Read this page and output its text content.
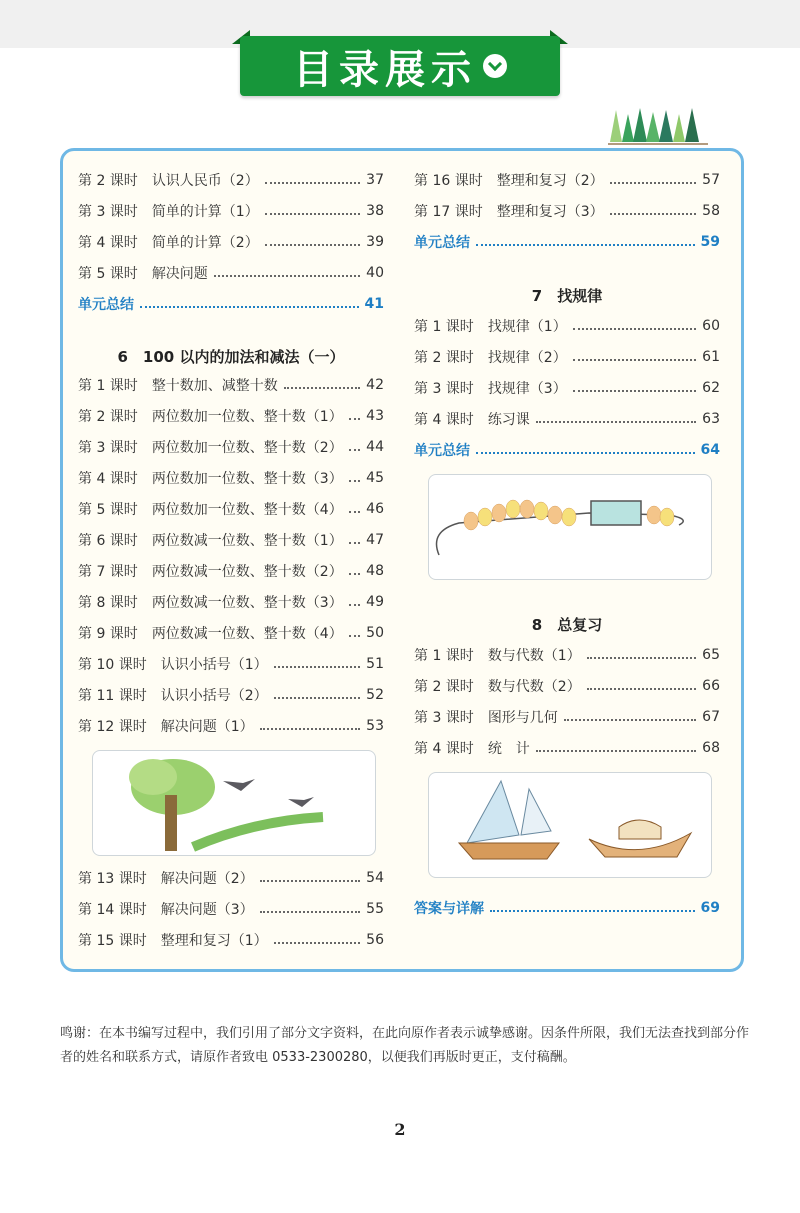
目录展示
第 2 课时 认识人民币（2）	37
第 3 课时 简单的计算（1）	38
第 4 课时 简单的计算（2）	39
第 5 课时 解决问题	40
单元总结	41
第 1 课时 整十数加、减整十数	42
第 2 课时 两位数加一位数、整十数（1） 43
第 3 课时 两位数加一位数、整十数（2） 44
第 4 课时 两位数加一位数、整十数（3） 45
第 5 课时 两位数加一位数、整十数（4） 46
第 6 课时 两位数减一位数、整十数（1） 47
第 7 课时 两位数减一位数、整十数（2） 48
第 8 课时 两位数减一位数、整十数（3） 49
第 9 课时 两位数减一位数、整十数（4） 50
第 10 课时 认识小括号（1）	51
第 11 课时 认识小括号（2）	52
第 12 课时 解决问题（1）	53
第 13 课时 解决问题（2）	54
第 14 课时 解决问题（3）	55
第 15 课时 整理和复习（1）	56
第 16 课时 整理和复习（2）	57
第 17 课时 整理和复习（3）	58
单元总结	59
第 1 课时 找规律（1）	60
第 2 课时 找规律（2）	61
第 3 课时 找规律（3）	62
第 4 课时 练习课	63
单元总结	64
第 1 课时 数与代数（1）	65
第 2 课时 数与代数（2）	66
第 3 课时 图形与几何	67
第 4 课时 统　计	68
答案与详解	69
6　100 以内的加法和减法（一）
7　找规律
8　总复习
鸣谢：在本书编写过程中，我们引用了部分文字资料，在此向原作者表示诚挚感谢。因条件所限，我们无法查找到部分作者的姓名和联系方式，请原作者致电 0533-2300280，以便我们再版时更正，支付稿酬。
2
